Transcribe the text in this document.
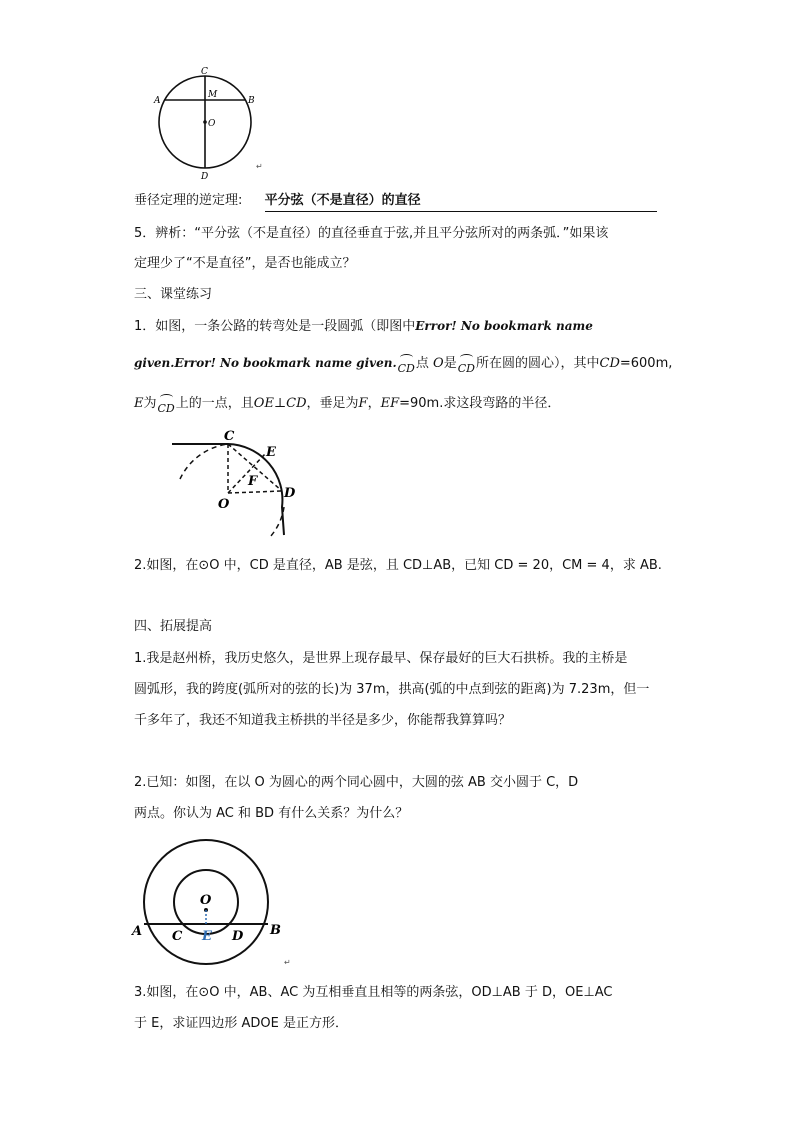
C
M
A	B
O
D
↵
垂径定理的逆定理: 平分弦（不是直径）的直径
5．辨析：“平分弦（不是直径）的直径垂直于弦,并且平分弦所对的两条弧．”如果该
定理少了“不是直径”，是否也能成立？
三、课堂练习
1．如图，一条公路的转弯处是一段圆弧（即图中Error! No bookmark name
given.Error! No bookmark name given.CD点 O是CD所在圆的圆心），其中CD=600m,
E为CD上的一点，且OE⊥CD，垂足为F，EF=90m.求这段弯路的半径．
C
E
F
O
D
2.如图，在⊙O 中，CD 是直径，AB 是弦，且 CD⊥AB，已知 CD = 20，CM = 4，求 AB.
四、拓展提高
1.我是赵州桥，我历史悠久，是世界上现存最早、保存最好的巨大石拱桥。我的主桥是
圆弧形，我的跨度(弧所对的弦的长)为 37m，拱高(弧的中点到弦的距离)为 7.23m，但一
千多年了，我还不知道我主桥拱的半径是多少，你能帮我算算吗？
2.已知：如图，在以 O 为圆心的两个同心圆中，大圆的弦 AB 交小圆于 C，D
两点。你认为 AC 和 BD 有什么关系？为什么？
O
A C E D B
↵
3.如图，在⊙O 中，AB、AC 为互相垂直且相等的两条弦，OD⊥AB 于 D，OE⊥AC
于 E，求证四边形 ADOE 是正方形．
